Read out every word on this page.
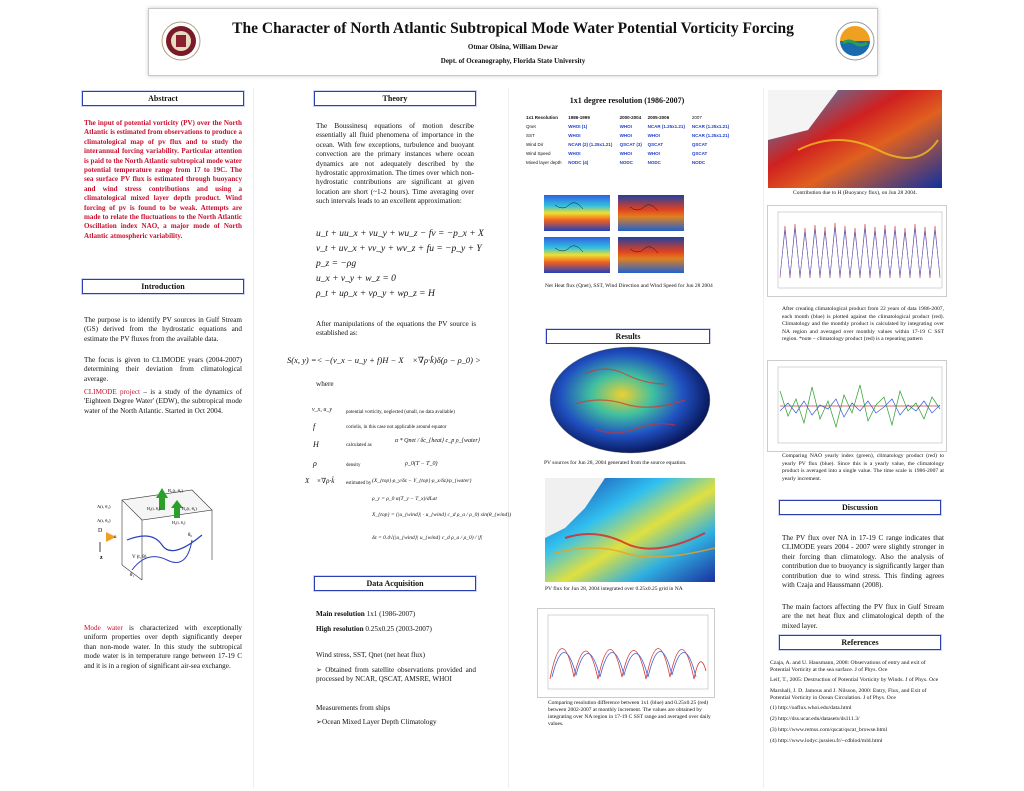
The Character of North Atlantic Subtropical Mode Water Potential Vorticity Forcing
Otmar Olsina, William Dewar
Dept. of Oceanography, Florida State University
Abstract
The input of potential vorticity (PV) over the North Atlantic is estimated from observations to produce a climatological map of pv flux and to study the interannual forcing variability. Particular attention is paid to the North Atlantic subtropical mode water potential temperature range from 17 to 19C. The sea surface PV flux is estimated through buoyancy and wind stress contributions and using a climatological mixed layer depth product. Wind forcing of pv is found to be weak. Attempts are made to relate the fluctuations to the North Atlantic Oscillation index NAO, a major mode of North Atlantic atmospheric variability.
Introduction
The purpose is to identify PV sources in Gulf Stream (GS) derived from the hydrostatic equations and estimate the PV fluxes from the available data.
The focus is given to CLIMODE years (2004-2007) determining their deviation from climatological average.
CLIMODE project – is a study of the dynamics of 'Eighteen Degree Water' (EDW), the subtropical mode water of the North Atlantic. Started in Oct 2004.
z
D
B₁(t, θ₁)
B₂(t, θ₂)
A(t, θ₁)
A(t, θ₂)
V (t, θ)
θ₁
θ₀
u
H₁(t, θ₁)
H₂(t, θ₂)
Mode water is characterized with exceptionally uniform properties over depth significantly deeper than non-mode water. In this study the subtropical mode water is in temperature range between 17-19 C and it is in a region of significant air-sea exchange.
Theory
The Boussinesq equations of motion describe essentially all fluid phenomena of importance in the ocean. With few exceptions, turbulence and buoyant convection are the primary instances where ocean dynamics are not adequately described by the hydrostatic approximation. The times over which non-hydrostatic contributions are significant at given location are short (~1-2 hours). Time averaging over such intervals leads to an excellent approximation:
u_t + uu_x + vu_y + wu_z − fv = −p_x + X
v_t + uv_x + vv_y + wv_z + fu = −p_y + Y
p_z = −ρg
u_x + v_y + w_z = 0
ρ_t + uρ_x + vρ_y + wρ_z = H
After manipulations of the equations the PV source is established as:
S(x, y) =< −(v_x − u_y + f)H − X⃗ ×∇ρ·k̂)δ(ρ − ρ_0) >
where
v_x, u_y	potential vorticity, neglected (small, no data available)
f	coriolis, in this case not applicable around equator
H	calculated as
α * Qnet / δc_{heat} c_p ρ_{water}
ρ	density	ρ_0(T − T_0)
X⃗ ×∇ρ·k̂ estimated by (X_{top}·ρ_y/δz − Y_{top}·ρ_x/δz)/ρ_{water}
ρ_y = ρ_0 α(T_y − T_x)/dLat
X_{top} = (|u_{wind}| · u_{wind} c_d ρ_a / ρ_0) sin(θ_{wind})
δz = 0.4√(|u_{wind}| u_{wind} c_d ρ_a / ρ_0) / |f|
Data Acquisition
Main resolution 1x1 (1986-2007)
High resolution 0.25x0.25 (2003-2007)
Wind stress, SST, Qnet (net heat flux)
➢ Obtained from satellite observations provided and processed by NCAR, QSCAT, AMSRE, WHOI
Measurements from ships
➢Ocean Mixed Layer Depth Climatology
1x1 degree resolution (1986-2007)
1x1 Resolution	1986-1999	2000-2004	2005-2006	2007
Qnet	WHOI (1)	WHOI	NCAR (1.25x1.21)	NCAR (1.25x1.21)
SST	WHOI	WHOI	WHOI	NCAR (1.25x1.21)
Wind Dir	NCAR (2) (1.25x1.21)	QSCAT (3)	QSCAT	QSCAT
Wind Speed	WHOI	WHOI	WHOI	QSCAT
Mixed layer depth	NODC (4)	NODC	NODC	NODC
Net Heat flux (Qnet), SST, Wind Direction and Wind Speed for Jun 28 2004
Results
PV sources for Jun 28, 2004 generated from the source equation.
PV flux for Jun 28, 2004 integrated over 0.25x0.25 grid in NA
Comparing resolution difference between 1x1 (blue) and 0.25x0.25 (red) between 2002-2007 at monthly increment. The values are obtained by integrating over NA region in 17-19 C SST range and averaged over daily values.
Contribution due to H (Buoyancy flux), on Jun 28 2004.
After creating climatological product from 22 years of data 1986-2007, each month (blue) is plotted against the climatological product (red). Climatology and the monthly product is calculated by integrating over NA region and averaged over monthly values within 17-19 C SST region. *note – climatology product (red) is a repeating pattern
Comparing NAO yearly index (green), climatology product (red) to yearly PV flux (blue). Since this is a yearly value, the climatology product is averaged into a single value. The time scale is 1986-2007 at yearly increment.
Discussion
The PV flux over NA in 17-19 C range indicates that CLIMODE years 2004 - 2007 were slightly stronger in their forcing than climatology. Also the analysis of contribution due to buoyancy is significantly larger than contribution due to wind stress. This finding agrees with Czaja and Haussmann (2008).
The main factors affecting the PV flux in Gulf Stream are the net heat flux and climatological depth of the mixed layer.
References
Czaja, A. and U. Hausmann, 2008: Observations of entry and exit of Potential Vorticity at the sea surface. J of Phys. Oce
Leif, T., 2005: Destruction of Potential Vorticity by Winds. J of Phys. Oce
Marshall, J. D. Jamous and J. Nilsson, 2000: Entry, Flux, and Exit of Potential Vorticity in Ocean Circulation. J of Phys. Oce
(1) http://oaflux.whoi.edu/data.html
(2) http://dss.ucar.edu/datasets/ds111.3/
(3) http://www.remss.com/qscat/qscat_browse.html
(4) http://www.lodyc.jussieu.fr/~cdblod/mld.html
